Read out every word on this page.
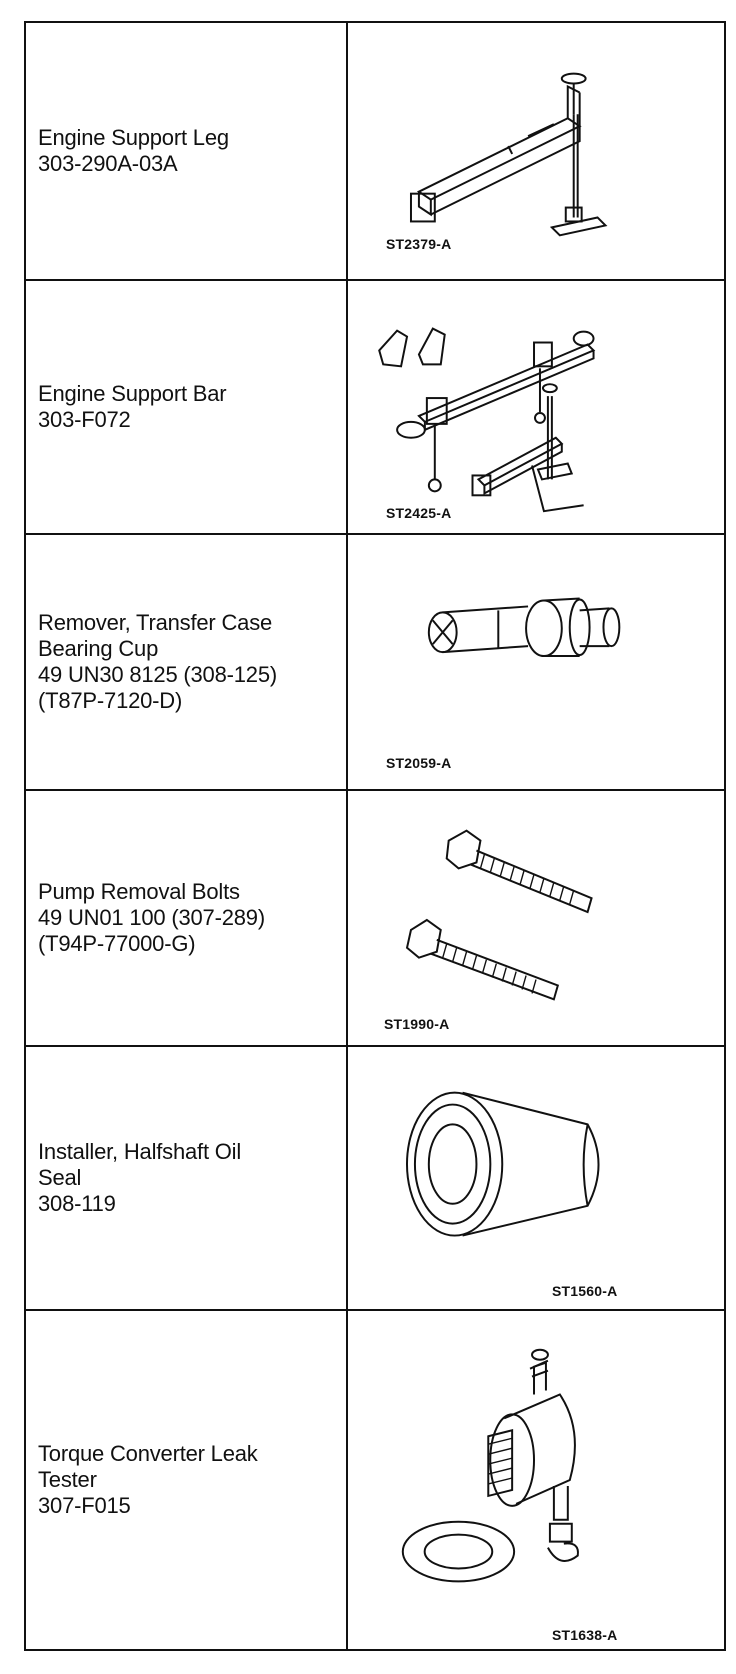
Engine Support Leg
303-290A-03A	ST2379-A

Engine Support Bar
303-F072	ST2425-A

Remover, Transfer Case
Bearing Cup
49 UN30 8125 (308-125)
(T87P-7120-D)	ST2059-A

Pump Removal Bolts
49 UN01 100 (307-289)
(T94P-77000-G)	ST1990-A

Installer, Halfshaft Oil
Seal
308-119	ST1560-A

Torque Converter Leak
Tester
307-F015	ST1638-A
